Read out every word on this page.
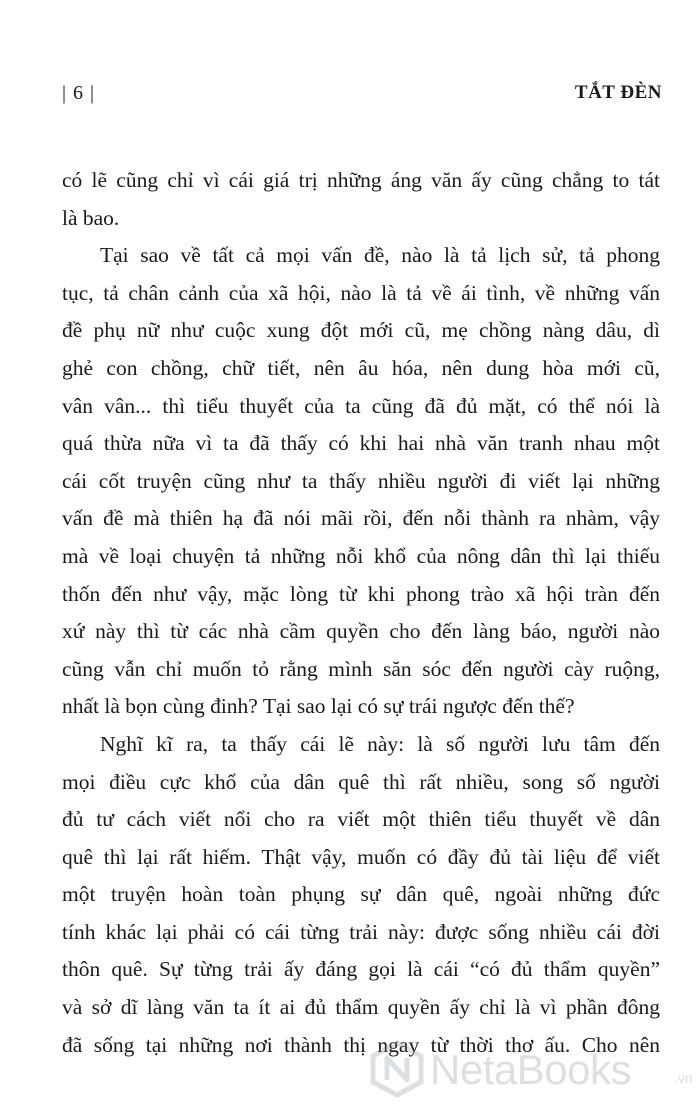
| 6 |	TẮT ĐÈN
có lẽ cũng chỉ vì cái giá trị những áng văn ấy cũng chẳng to tát
là bao.
Tại sao về tất cả mọi vấn đề, nào là tả lịch sử, tả phong
tục, tả chân cảnh của xã hội, nào là tả về ái tình, về những vấn
đề phụ nữ như cuộc xung đột mới cũ, mẹ chồng nàng dâu, dì
ghẻ con chồng, chữ tiết, nên âu hóa, nên dung hòa mới cũ,
vân vân... thì tiểu thuyết của ta cũng đã đủ mặt, có thể nói là
quá thừa nữa vì ta đã thấy có khi hai nhà văn tranh nhau một
cái cốt truyện cũng như ta thấy nhiều người đi viết lại những
vấn đề mà thiên hạ đã nói mãi rồi, đến nỗi thành ra nhàm, vậy
mà về loại chuyện tả những nỗi khổ của nông dân thì lại thiếu
thốn đến như vậy, mặc lòng từ khi phong trào xã hội tràn đến
xứ này thì từ các nhà cầm quyền cho đến làng báo, người nào
cũng vẫn chỉ muốn tỏ rằng mình săn sóc đến người cày ruộng,
nhất là bọn cùng đinh? Tại sao lại có sự trái ngược đến thế?
Nghĩ kĩ ra, ta thấy cái lẽ này: là số người lưu tâm đến
mọi điều cực khổ của dân quê thì rất nhiều, song số người
đủ tư cách viết nổi cho ra viết một thiên tiểu thuyết về dân
quê thì lại rất hiếm. Thật vậy, muốn có đầy đủ tài liệu để viết
một truyện hoàn toàn phụng sự dân quê, ngoài những đức
tính khác lại phải có cái từng trải này: được sống nhiều cái đời
thôn quê. Sự từng trải ấy đáng gọi là cái “có đủ thẩm quyền”
và sở dĩ làng văn ta ít ai đủ thẩm quyền ấy chỉ là vì phần đông
đã sống tại những nơi thành thị ngay từ thời thơ ấu. Cho nên
NetaBooks	.vn
